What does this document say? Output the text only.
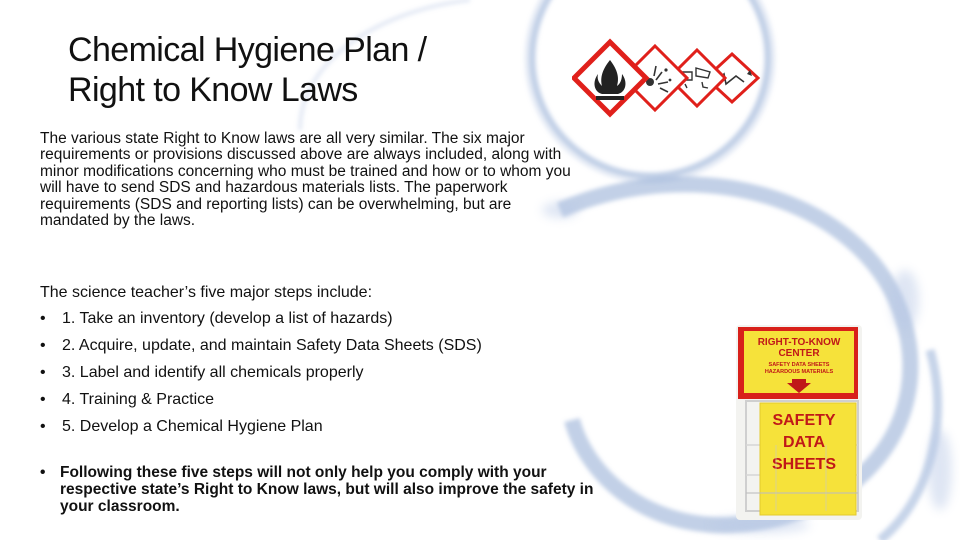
Chemical Hygiene Plan /
Right to Know Laws

The various state Right to Know laws are all very similar. The six major requirements or provisions discussed above are always included, along with minor modifications concerning who must be trained and how or to whom you will have to send SDS and hazardous materials lists. The paperwork requirements (SDS and reporting lists) can be overwhelming, but are mandated by the laws.

The science teacher’s five major steps include:

• 1. Take an inventory (develop a list of hazards)
• 2. Acquire, update, and maintain Safety Data Sheets (SDS)
• 3. Label and identify all chemicals properly
• 4. Training & Practice
• 5. Develop a Chemical Hygiene Plan

• Following these five steps will not only help you comply with your respective state’s Right to Know laws, but will also improve the safety in your classroom.

RIGHT-TO-KNOW
CENTER
SAFETY DATA SHEETS
HAZARDOUS MATERIALS
SAFETY
DATA
SHEETS
